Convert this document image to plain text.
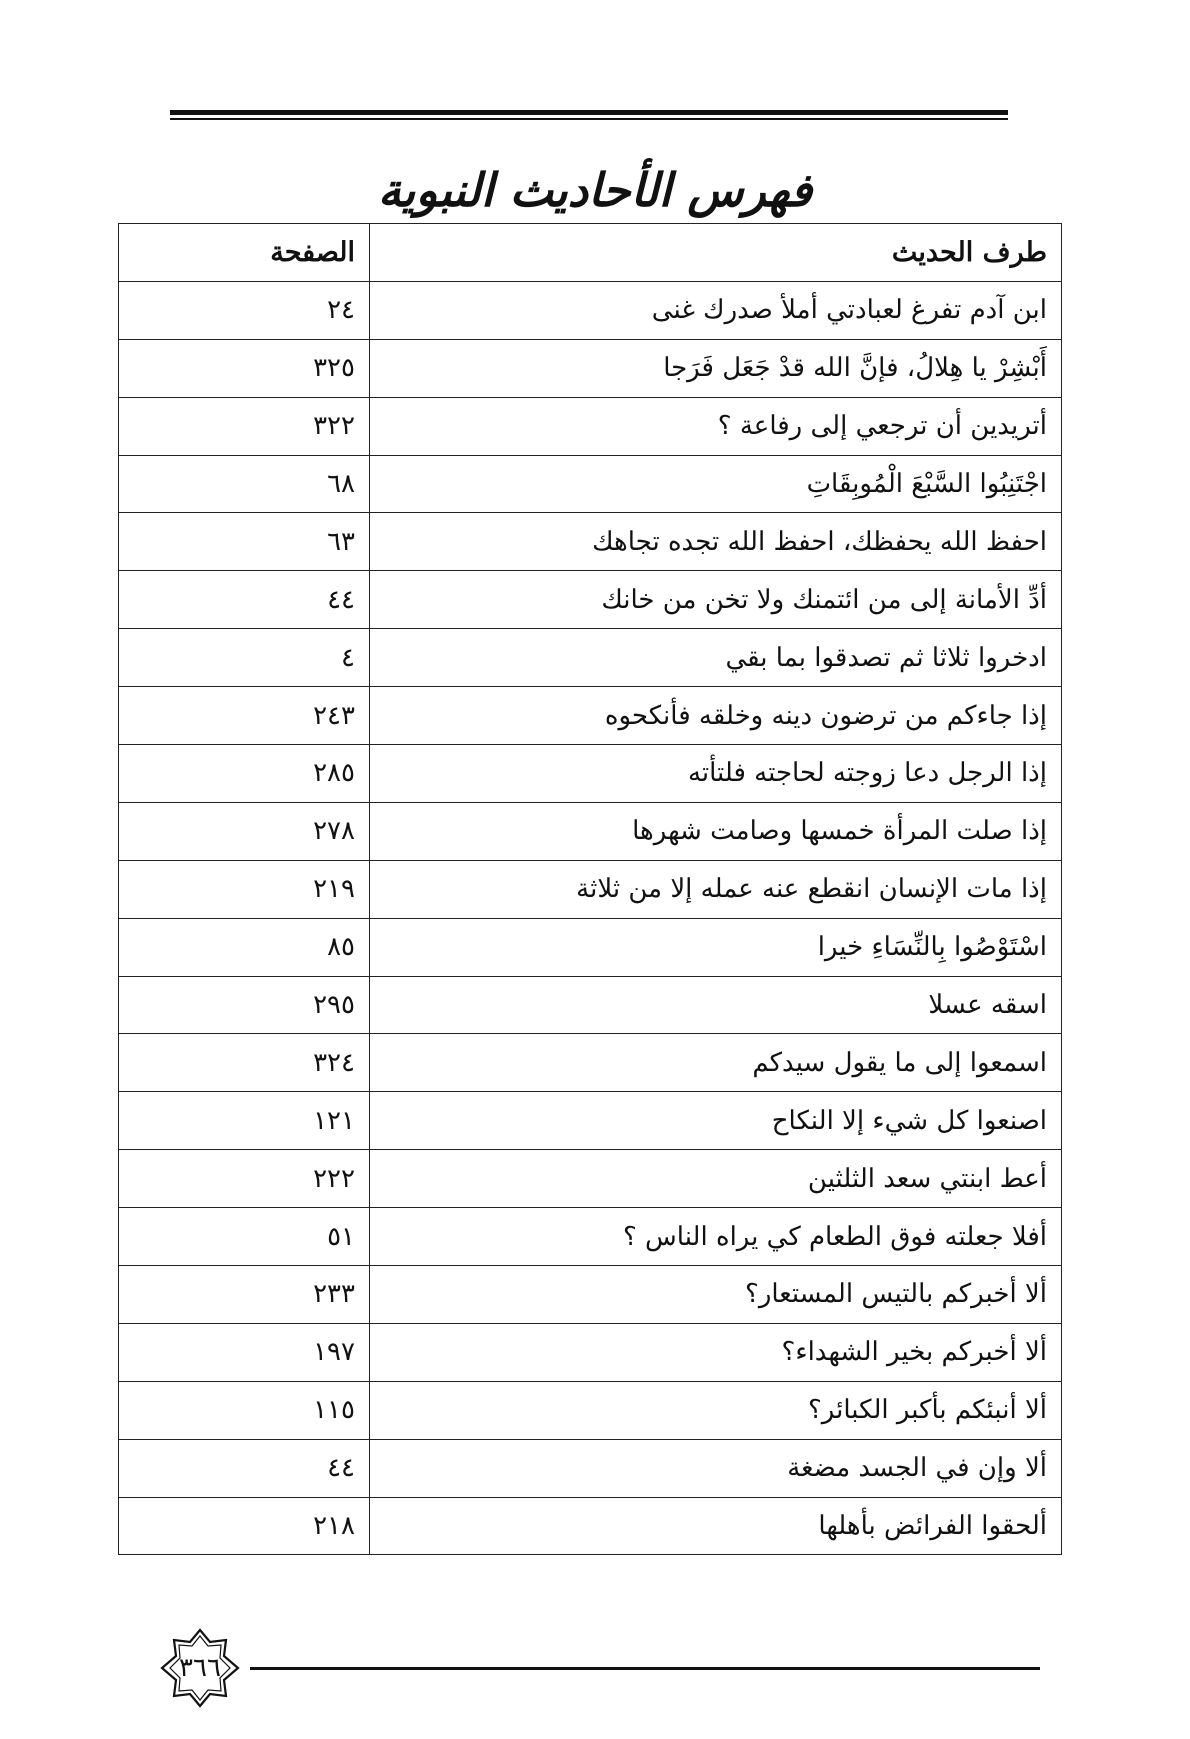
فهرس الأحاديث النبوية
طرف الحديث	الصفحة
ابن آدم تفرغ لعبادتي أملأ صدرك غنى	٢٤
أَبْشِرْ يا هِلالُ، فإنَّ الله قدْ جَعَل فَرَجا	٣٢٥
أتريدين أن ترجعي إلى رفاعة ؟	٣٢٢
اجْتَنِبُوا السَّبْعَ الْمُوبِقَاتِ	٦٨
احفظ الله يحفظك، احفظ الله تجده تجاهك	٦٣
أدِّ الأمانة إلى من ائتمنك ولا تخن من خانك	٤٤
ادخروا ثلاثا ثم تصدقوا بما بقي	٤
إذا جاءكم من ترضون دينه وخلقه فأنكحوه	٢٤٣
إذا الرجل دعا زوجته لحاجته فلتأته	٢٨٥
إذا صلت المرأة خمسها وصامت شهرها	٢٧٨
إذا مات الإنسان انقطع عنه عمله إلا من ثلاثة	٢١٩
اسْتَوْصُوا بِالنِّسَاءِ خيرا	٨٥
اسقه عسلا	٢٩٥
اسمعوا إلى ما يقول سيدكم	٣٢٤
اصنعوا كل شيء إلا النكاح	١٢١
أعط ابنتي سعد الثلثين	٢٢٢
أفلا جعلته فوق الطعام كي يراه الناس ؟	٥١
ألا أخبركم بالتيس المستعار؟	٢٣٣
ألا أخبركم بخير الشهداء؟	١٩٧
ألا أنبئكم بأكبر الكبائر؟	١١٥
ألا وإن في الجسد مضغة	٤٤
ألحقوا الفرائض بأهلها	٢١٨
٣٦٦
